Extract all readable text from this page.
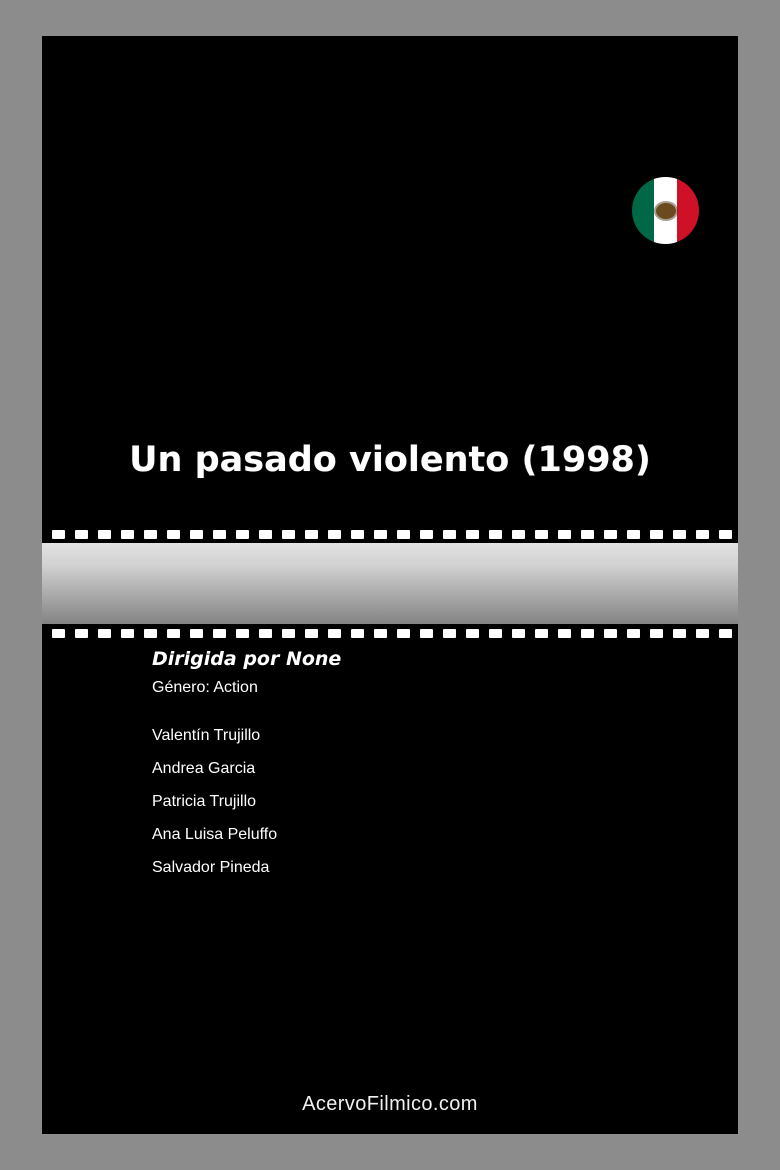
Un pasado violento (1998)
Dirigida por None
Género: Action
Valentín Trujillo
Andrea Garcia
Patricia Trujillo
Ana Luisa Peluffo
Salvador Pineda
AcervoFilmico.com
